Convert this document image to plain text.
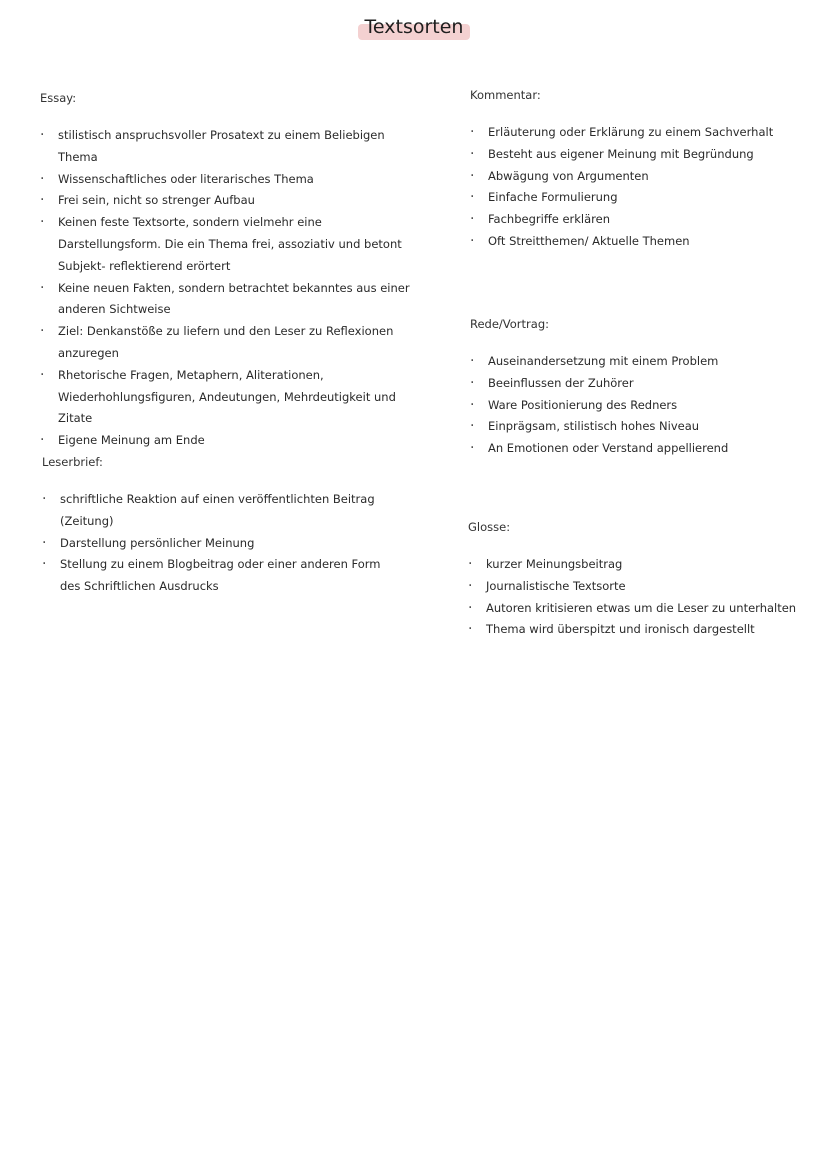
Textsorten
Essay:
· stilistisch anspruchsvoller Prosatext zu einem Beliebigen Thema
· Wissenschaftliches oder literarisches Thema
· Frei sein, nicht so strenger Aufbau
· Keinen feste Textsorte, sondern vielmehr eine Darstellungsform. Die ein Thema frei, assoziativ und betont Subjekt- reflektierend erörtert
· Keine neuen Fakten, sondern betrachtet bekanntes aus einer anderen Sichtweise
· Ziel: Denkanstöße zu liefern und den Leser zu Reflexionen anzuregen
· Rhetorische Fragen, Metaphern, Aliterationen, Wiederhohlungsfiguren, Andeutungen, Mehrdeutigkeit und Zitate
· Eigene Meinung am Ende
Leserbrief:
· schriftliche Reaktion auf einen veröffentlichten Beitrag (Zeitung)
· Darstellung persönlicher Meinung
· Stellung zu einem Blogbeitrag oder einer anderen Form des Schriftlichen Ausdrucks
Kommentar:
· Erläuterung oder Erklärung zu einem Sachverhalt
· Besteht aus eigener Meinung mit Begründung
· Abwägung von Argumenten
· Einfache Formulierung
· Fachbegriffe erklären
· Oft Streitthemen/ Aktuelle Themen
Rede/Vortrag:
· Auseinandersetzung mit einem Problem
· Beeinflussen der Zuhörer
· Ware Positionierung des Redners
· Einprägsam, stilistisch hohes Niveau
· An Emotionen oder Verstand appellierend
Glosse:
· kurzer Meinungsbeitrag
· Journalistische Textsorte
· Autoren kritisieren etwas um die Leser zu unterhalten
· Thema wird überspitzt und ironisch dargestellt
